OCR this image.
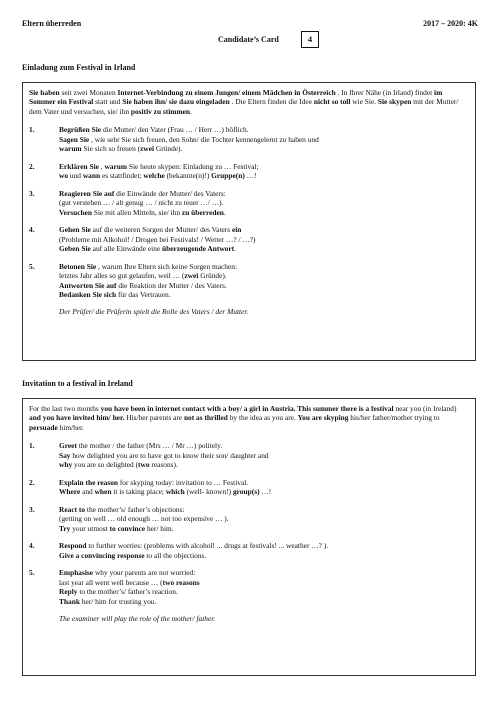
Eltern überreden
Candidate’s Card	4
2017 – 2020: 4K
Einladung zum Festival in Irland
Sie haben seit zwei Monaten Internet-Verbindung zu einem Jungen/ einem Mädchen in Österreich . In Ihrer Nähe (in Irland) findet im Sommer ein Festival statt und Sie haben ihn/ sie dazu eingeladen . Die Eltern finden die Idee nicht so toll wie Sie. Sie skypen mit der Mutter/ dem Vater und versuchen, sie/ ihn positiv zu stimmen.
1.	Begrüßen Sie die Mutter/ den Vater (Frau … / Herr …) höflich.
Sagen Sie , wie sehr Sie sich freuen, den Sohn/ die Tochter kennengelernt zu haben und
warum Sie sich so freuen (zwei Gründe).
2.	Erklären Sie , warum Sie heute skypen: Einladung zu … Festival;
wo und wann es stattfindet; welche (bekannte(n)!) Gruppe(n) …!
3.	Reagieren Sie auf die Einwände der Mutter/ des Vaters:
(gut verstehen … / alt genug … / nicht zu teuer …/ …).
Versuchen Sie mit allen Mitteln, sie/ ihn zu überreden.
4.	Gehen Sie auf die weiteren Sorgen der Mutter/ des Vaters ein
(Probleme mit Alkohol! / Drogen bei Festivals! / Wetter …? / …?)
Geben Sie auf alle Einwände eine überzeugende Antwort.
5.	Betonen Sie , warum Ihre Eltern sich keine Sorgen machen:
letztes Jahr alles so gut gelaufen, weil … (zwei Gründe).
Antworten Sie auf die Reaktion der Mutter / des Vaters.
Bedanken Sie sich für das Vertrauen.
Der Prüfer/ die Prüferin spielt die Rolle des Vaters / der Mutter.
Invitation to a festival in Ireland
For the last two months you have been in internet contact with a boy/ a girl in Austria. This summer there is a festival near you (in Ireland) and you have invited him/ her. His/her parents are not as thrilled by the idea as you are. You are skyping his/her father/mother trying to persuade him/her.
1.	Greet the mother / the father (Mrs … / Mr …) politely.
Say how delighted you are to have got to know their son/ daughter and
why you are so delighted (two reasons).
2.	Explain the reason for skyping today: invitation to … Festival.
Where and when it is taking place; which (well- known!) group(s) …!
3.	React to the mother’s/ father’s objections:
(getting on well … old enough … not too expensive … ).
Try your utmost to convince her/ him.
4.	Respond to further worries: (problems with alcohol! ... drugs at festivals! ... weather …? ).
Give a convincing response to all the objections.
5.	Emphasise why your parents are not worried:
last year all went well because … (two reasons
Reply to the mother’s/ father’s reaction.
Thank her/ him for trusting you.
The examiner will play the role of the mother/ father.
